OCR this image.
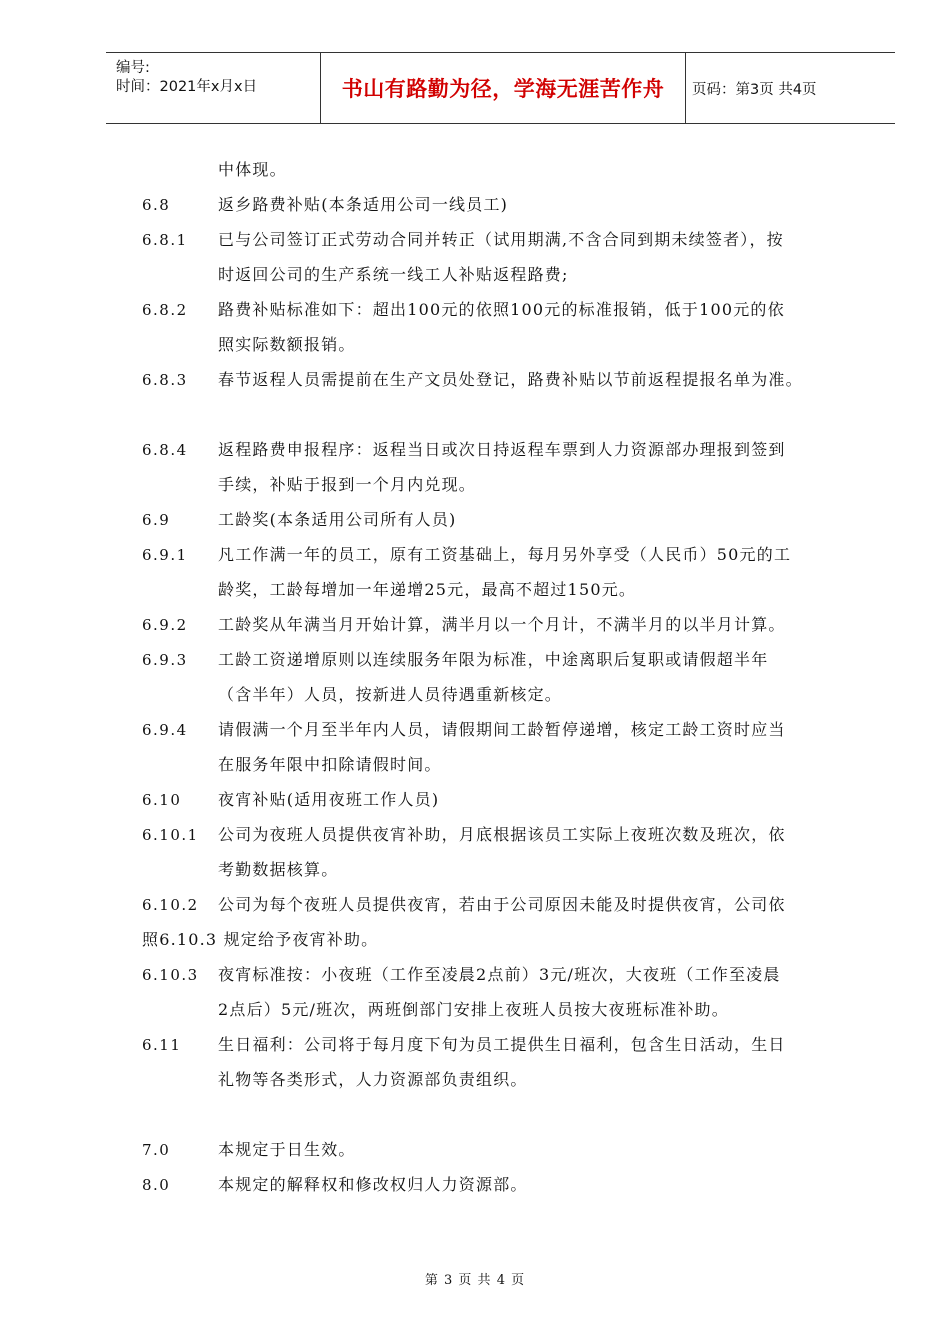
编号:
时间：2021年x月x日	书山有路勤为径，学海无涯苦作舟	页码：第3页 共4页
中体现。
6.8	返乡路费补贴(本条适用公司一线员工)
6.8.1 已与公司签订正式劳动合同并转正（试用期满,不含合同到期未续签者），按
时返回公司的生产系统一线工人补贴返程路费;
6.8.2 路费补贴标准如下：超出100元的依照100元的标准报销，低于100元的依
照实际数额报销。
6.8.3 春节返程人员需提前在生产文员处登记，路费补贴以节前返程提报名单为准。
6.8.4 返程路费申报程序：返程当日或次日持返程车票到人力资源部办理报到签到
手续，补贴于报到一个月内兑现。
6.9	工龄奖(本条适用公司所有人员)
6.9.1 凡工作满一年的员工，原有工资基础上，每月另外享受（人民币）50元的工
龄奖，工龄每增加一年递增25元，最高不超过150元。
6.9.2 工龄奖从年满当月开始计算，满半月以一个月计，不满半月的以半月计算。
6.9.3 工龄工资递增原则以连续服务年限为标准，中途离职后复职或请假超半年
（含半年）人员，按新进人员待遇重新核定。
6.9.4 请假满一个月至半年内人员，请假期间工龄暂停递增，核定工龄工资时应当
在服务年限中扣除请假时间。
6.10 夜宵补贴(适用夜班工作人员)
6.10.1 公司为夜班人员提供夜宵补助，月底根据该员工实际上夜班次数及班次，依
考勤数据核算。
6.10.2 公司为每个夜班人员提供夜宵，若由于公司原因未能及时提供夜宵，公司依
照6.10.3 规定给予夜宵补助。
6.10.3 夜宵标准按：小夜班（工作至凌晨2点前）3元/班次，大夜班（工作至凌晨
2点后）5元/班次，两班倒部门安排上夜班人员按大夜班标准补助。
6.11 生日福利：公司将于每月度下旬为员工提供生日福利，包含生日活动，生日
礼物等各类形式，人力资源部负责组织。
7.0	本规定于日生效。
8.0	本规定的解释权和修改权归人力资源部。
第 3 页 共 4 页
